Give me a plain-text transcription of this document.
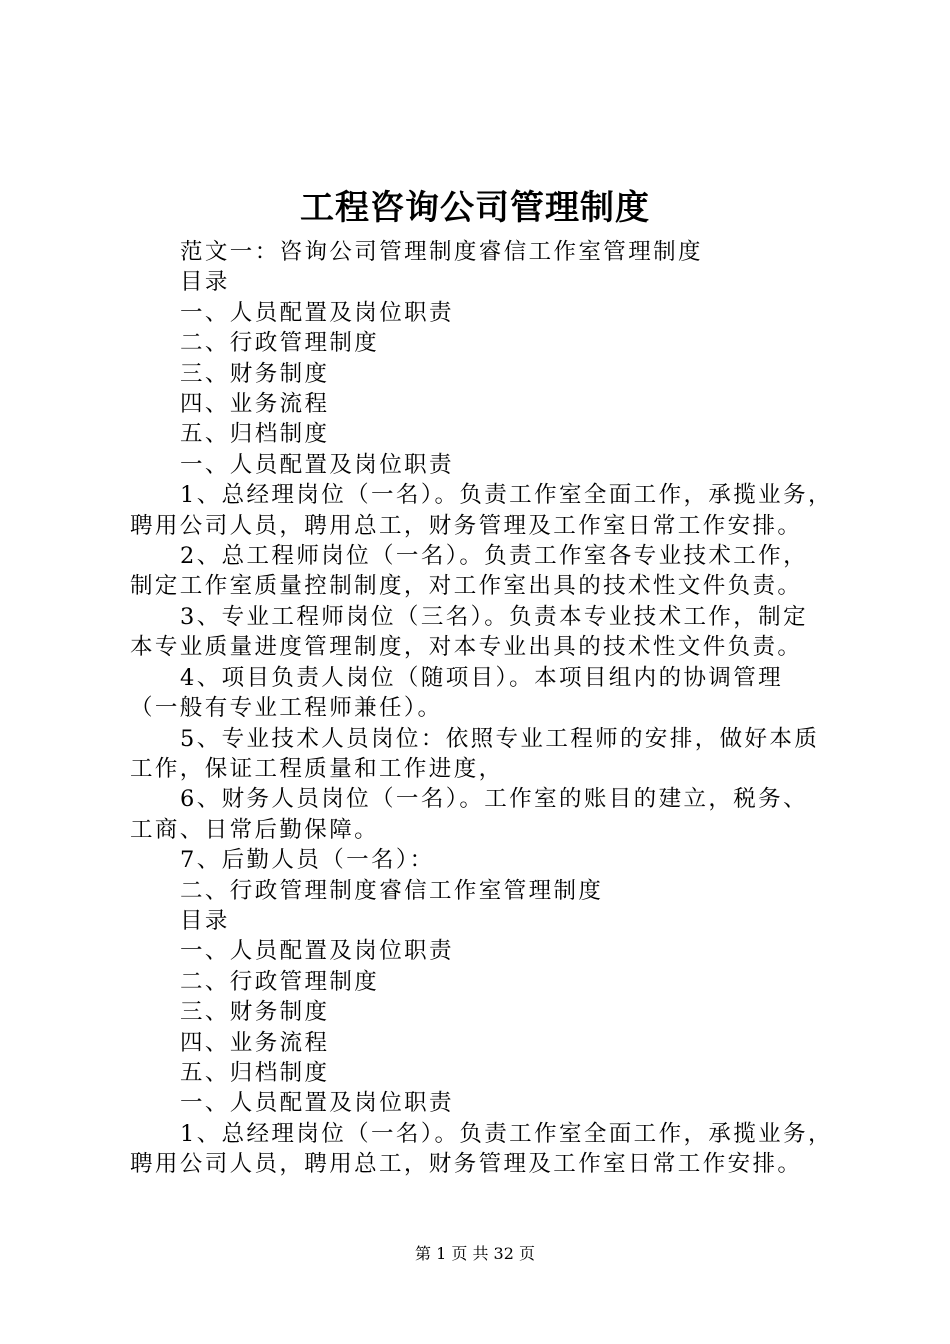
工程咨询公司管理制度
范文一：咨询公司管理制度睿信工作室管理制度
目录
一、人员配置及岗位职责
二、行政管理制度
三、财务制度
四、业务流程
五、归档制度
一、人员配置及岗位职责
1、总经理岗位（一名）。负责工作室全面工作，承揽业务，
聘用公司人员，聘用总工，财务管理及工作室日常工作安排。
2、总工程师岗位（一名）。负责工作室各专业技术工作，
制定工作室质量控制制度，对工作室出具的技术性文件负责。
3、专业工程师岗位（三名）。负责本专业技术工作，制定
本专业质量进度管理制度，对本专业出具的技术性文件负责。
4、项目负责人岗位（随项目）。本项目组内的协调管理
（一般有专业工程师兼任）。
5、专业技术人员岗位：依照专业工程师的安排，做好本质
工作，保证工程质量和工作进度，
6、财务人员岗位（一名）。工作室的账目的建立，税务、
工商、日常后勤保障。
7、后勤人员（一名）：
二、行政管理制度睿信工作室管理制度
目录
一、人员配置及岗位职责
二、行政管理制度
三、财务制度
四、业务流程
五、归档制度
一、人员配置及岗位职责
1、总经理岗位（一名）。负责工作室全面工作，承揽业务，
聘用公司人员，聘用总工，财务管理及工作室日常工作安排。
第 1 页 共 32 页
